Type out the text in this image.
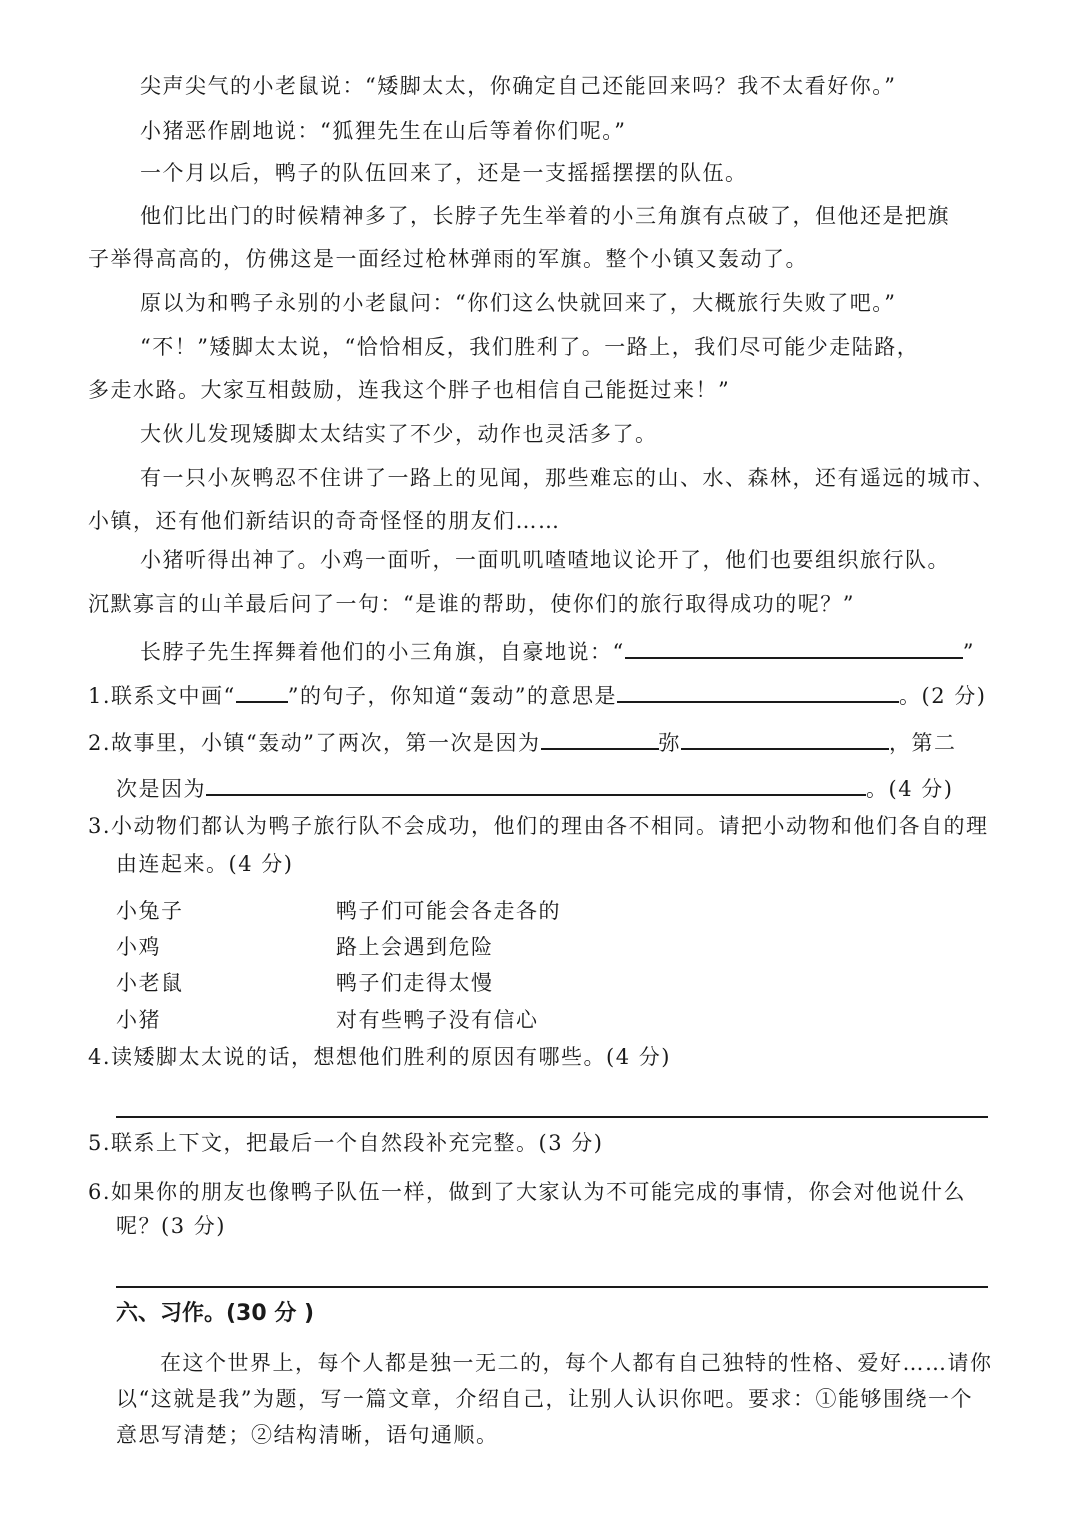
尖声尖气的小老鼠说：“矮脚太太，你确定自己还能回来吗？我不太看好你。”
小猪恶作剧地说：“狐狸先生在山后等着你们呢。”
一个月以后，鸭子的队伍回来了，还是一支摇摇摆摆的队伍。
他们比出门的时候精神多了，长脖子先生举着的小三角旗有点破了，但他还是把旗
子举得高高的，仿佛这是一面经过枪林弹雨的军旗。整个小镇又轰动了。
原以为和鸭子永别的小老鼠问：“你们这么快就回来了，大概旅行失败了吧。”
“不！”矮脚太太说，“恰恰相反，我们胜利了。一路上，我们尽可能少走陆路，
多走水路。大家互相鼓励，连我这个胖子也相信自己能挺过来！”
大伙儿发现矮脚太太结实了不少，动作也灵活多了。
有一只小灰鸭忍不住讲了一路上的见闻，那些难忘的山、水、森林，还有遥远的城市、
小镇，还有他们新结识的奇奇怪怪的朋友们……
小猪听得出神了。小鸡一面听，一面叽叽喳喳地议论开了，他们也要组织旅行队。
沉默寡言的山羊最后问了一句：“是谁的帮助，使你们的旅行取得成功的呢？”
长脖子先生挥舞着他们的小三角旗，自豪地说：“	”
1.联系文中画“ ”的句子，你知道“轰动”的意思是	。(2 分)
2.故事里，小镇“轰动”了两次，第一次是因为	弥	，第二
次是因为	。(4 分)
3.小动物们都认为鸭子旅行队不会成功，他们的理由各不相同。请把小动物和他们各自的理
由连起来。(4 分)
小兔子	鸭子们可能会各走各的
小鸡	路上会遇到危险
小老鼠	鸭子们走得太慢
小猪	对有些鸭子没有信心
4.读矮脚太太说的话，想想他们胜利的原因有哪些。(4 分)
5.联系上下文，把最后一个自然段补充完整。(3 分)
6.如果你的朋友也像鸭子队伍一样，做到了大家认为不可能完成的事情，你会对他说什么
呢？(3 分)
六、习作。(30 分 )
在这个世界上，每个人都是独一无二的，每个人都有自己独特的性格、爱好……请你
以“这就是我”为题，写一篇文章，介绍自己，让别人认识你吧。要求：①能够围绕一个
意思写清楚；②结构清晰，语句通顺。
